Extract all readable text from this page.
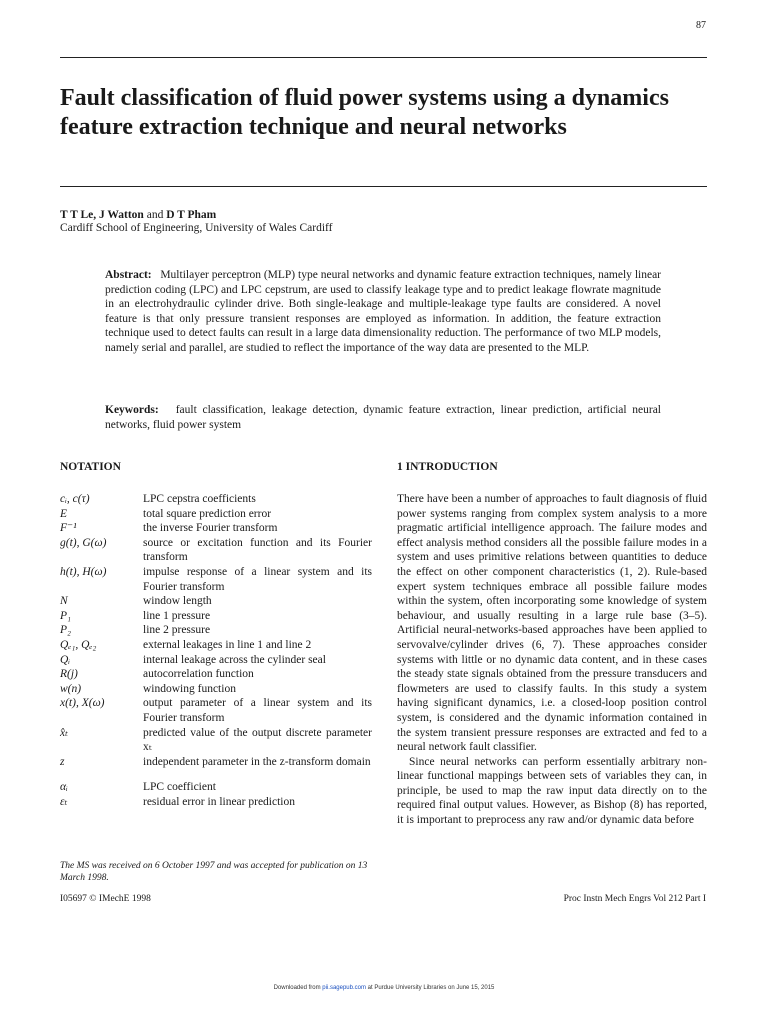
87
Fault classification of fluid power systems using a dynamics feature extraction technique and neural networks
T T Le, J Watton and D T Pham
Cardiff School of Engineering, University of Wales Cardiff
Abstract: Multilayer perceptron (MLP) type neural networks and dynamic feature extraction techniques, namely linear prediction coding (LPC) and LPC cepstrum, are used to classify leakage type and to predict leakage flowrate magnitude in an electrohydraulic cylinder drive. Both single-leakage and multiple-leakage type faults are considered. A novel feature is that only pressure transient responses are employed as information. In addition, the feature extraction technique used to detect faults can result in a large data dimensionality reduction. The performance of two MLP models, namely serial and parallel, are studied to reflect the importance of the way data are presented to the MLP.
Keywords: fault classification, leakage detection, dynamic feature extraction, linear prediction, artificial neural networks, fluid power system
NOTATION	1 INTRODUCTION
cᵢ, c(τ)	LPC cepstra coefficients
E	total square prediction error
F⁻¹	the inverse Fourier transform
g(t), G(ω)	source or excitation function and its Fourier transform
h(t), H(ω)	impulse response of a linear system and its Fourier transform
N	window length
P₁	line 1 pressure
P₂	line 2 pressure
Qₑ₁, Qₑ₂	external leakages in line 1 and line 2
Qᵢ	internal leakage across the cylinder seal
R(j)	autocorrelation function
w(n)	windowing function
x(t), X(ω)	output parameter of a linear system and its Fourier transform
x̂ₜ	predicted value of the output discrete parameter xₜ
z	independent parameter in the z-transform domain
αᵢ	LPC coefficient
εₜ	residual error in linear prediction

There have been a number of approaches to fault diagnosis of fluid power systems ranging from complex system analysis to a more pragmatic artificial intelligence approach. The failure modes and effect analysis method considers all the possible failure modes in a system and uses primitive relations between quantities to deduce the effect on other component characteristics (1, 2). Rule-based expert system techniques embrace all possible failure modes within the system, often incorporating some knowledge of system behaviour, and usually resulting in a large rule base (3–5). Artificial neural-networks-based approaches have been applied to servovalve/cylinder drives (6, 7). These approaches consider systems with little or no dynamic data content, and in these cases the steady state signals obtained from the pressure transducers and flowmeters are used to classify faults. In this study a system having significant dynamics, i.e. a closed-loop position control system, is considered and the dynamic information contained in the system transient pressure responses are extracted and fed to a neural network fault classifier.

Since neural networks can perform essentially arbitrary non-linear functional mappings between sets of variables they can, in principle, be used to map the raw input data directly on to the required final output values. However, as Bishop (8) has reported, it is important to preprocess any raw and/or dynamic data before

The MS was received on 6 October 1997 and was accepted for publication on 13 March 1998.
I05697 © IMechE 1998	Proc Instn Mech Engrs Vol 212 Part I
Downloaded from pii.sagepub.com at Purdue University Libraries on June 15, 2015
